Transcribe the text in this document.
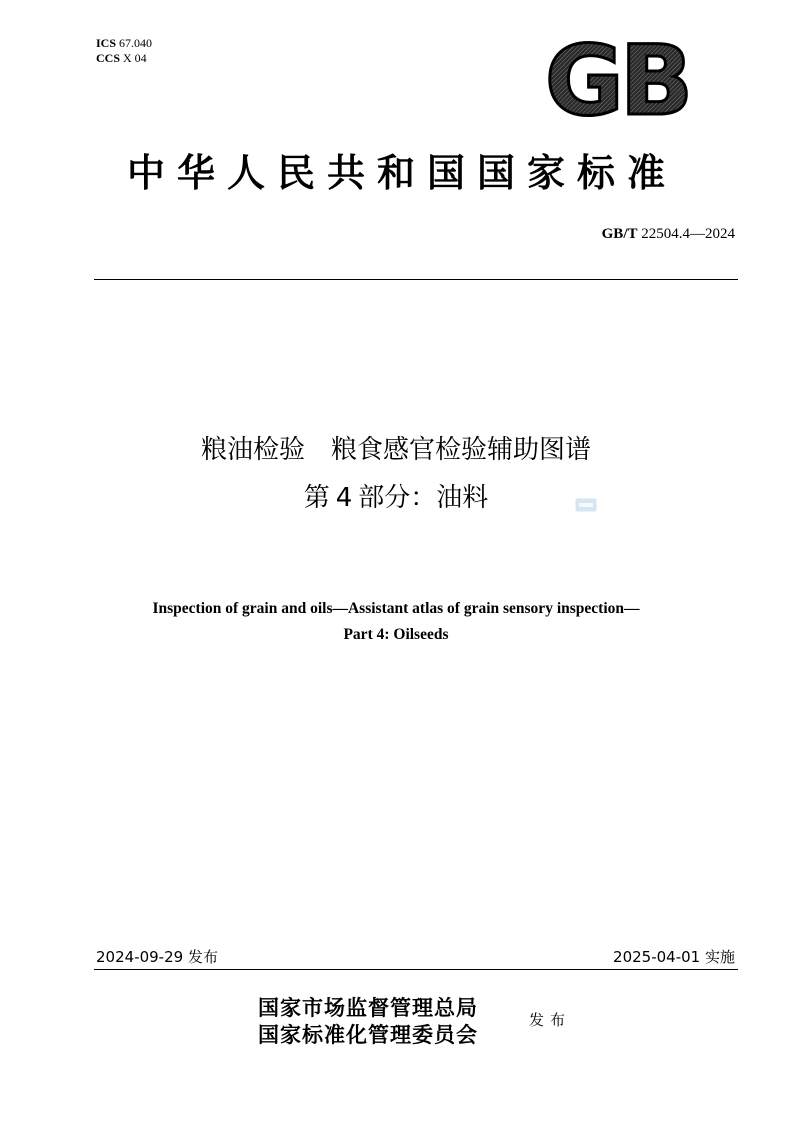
ICS 67.040
CCS X 04	GB
中华人民共和国国家标准
GB/T 22504.4—2024
粮油检验　粮食感官检验辅助图谱
第 4 部分：油料
Inspection of grain and oils—Assistant atlas of grain sensory inspection—
Part 4: Oilseeds
2024-09-29 发布	2025-04-01 实施
国家市场监督管理总局
国家标准化管理委员会
发布
